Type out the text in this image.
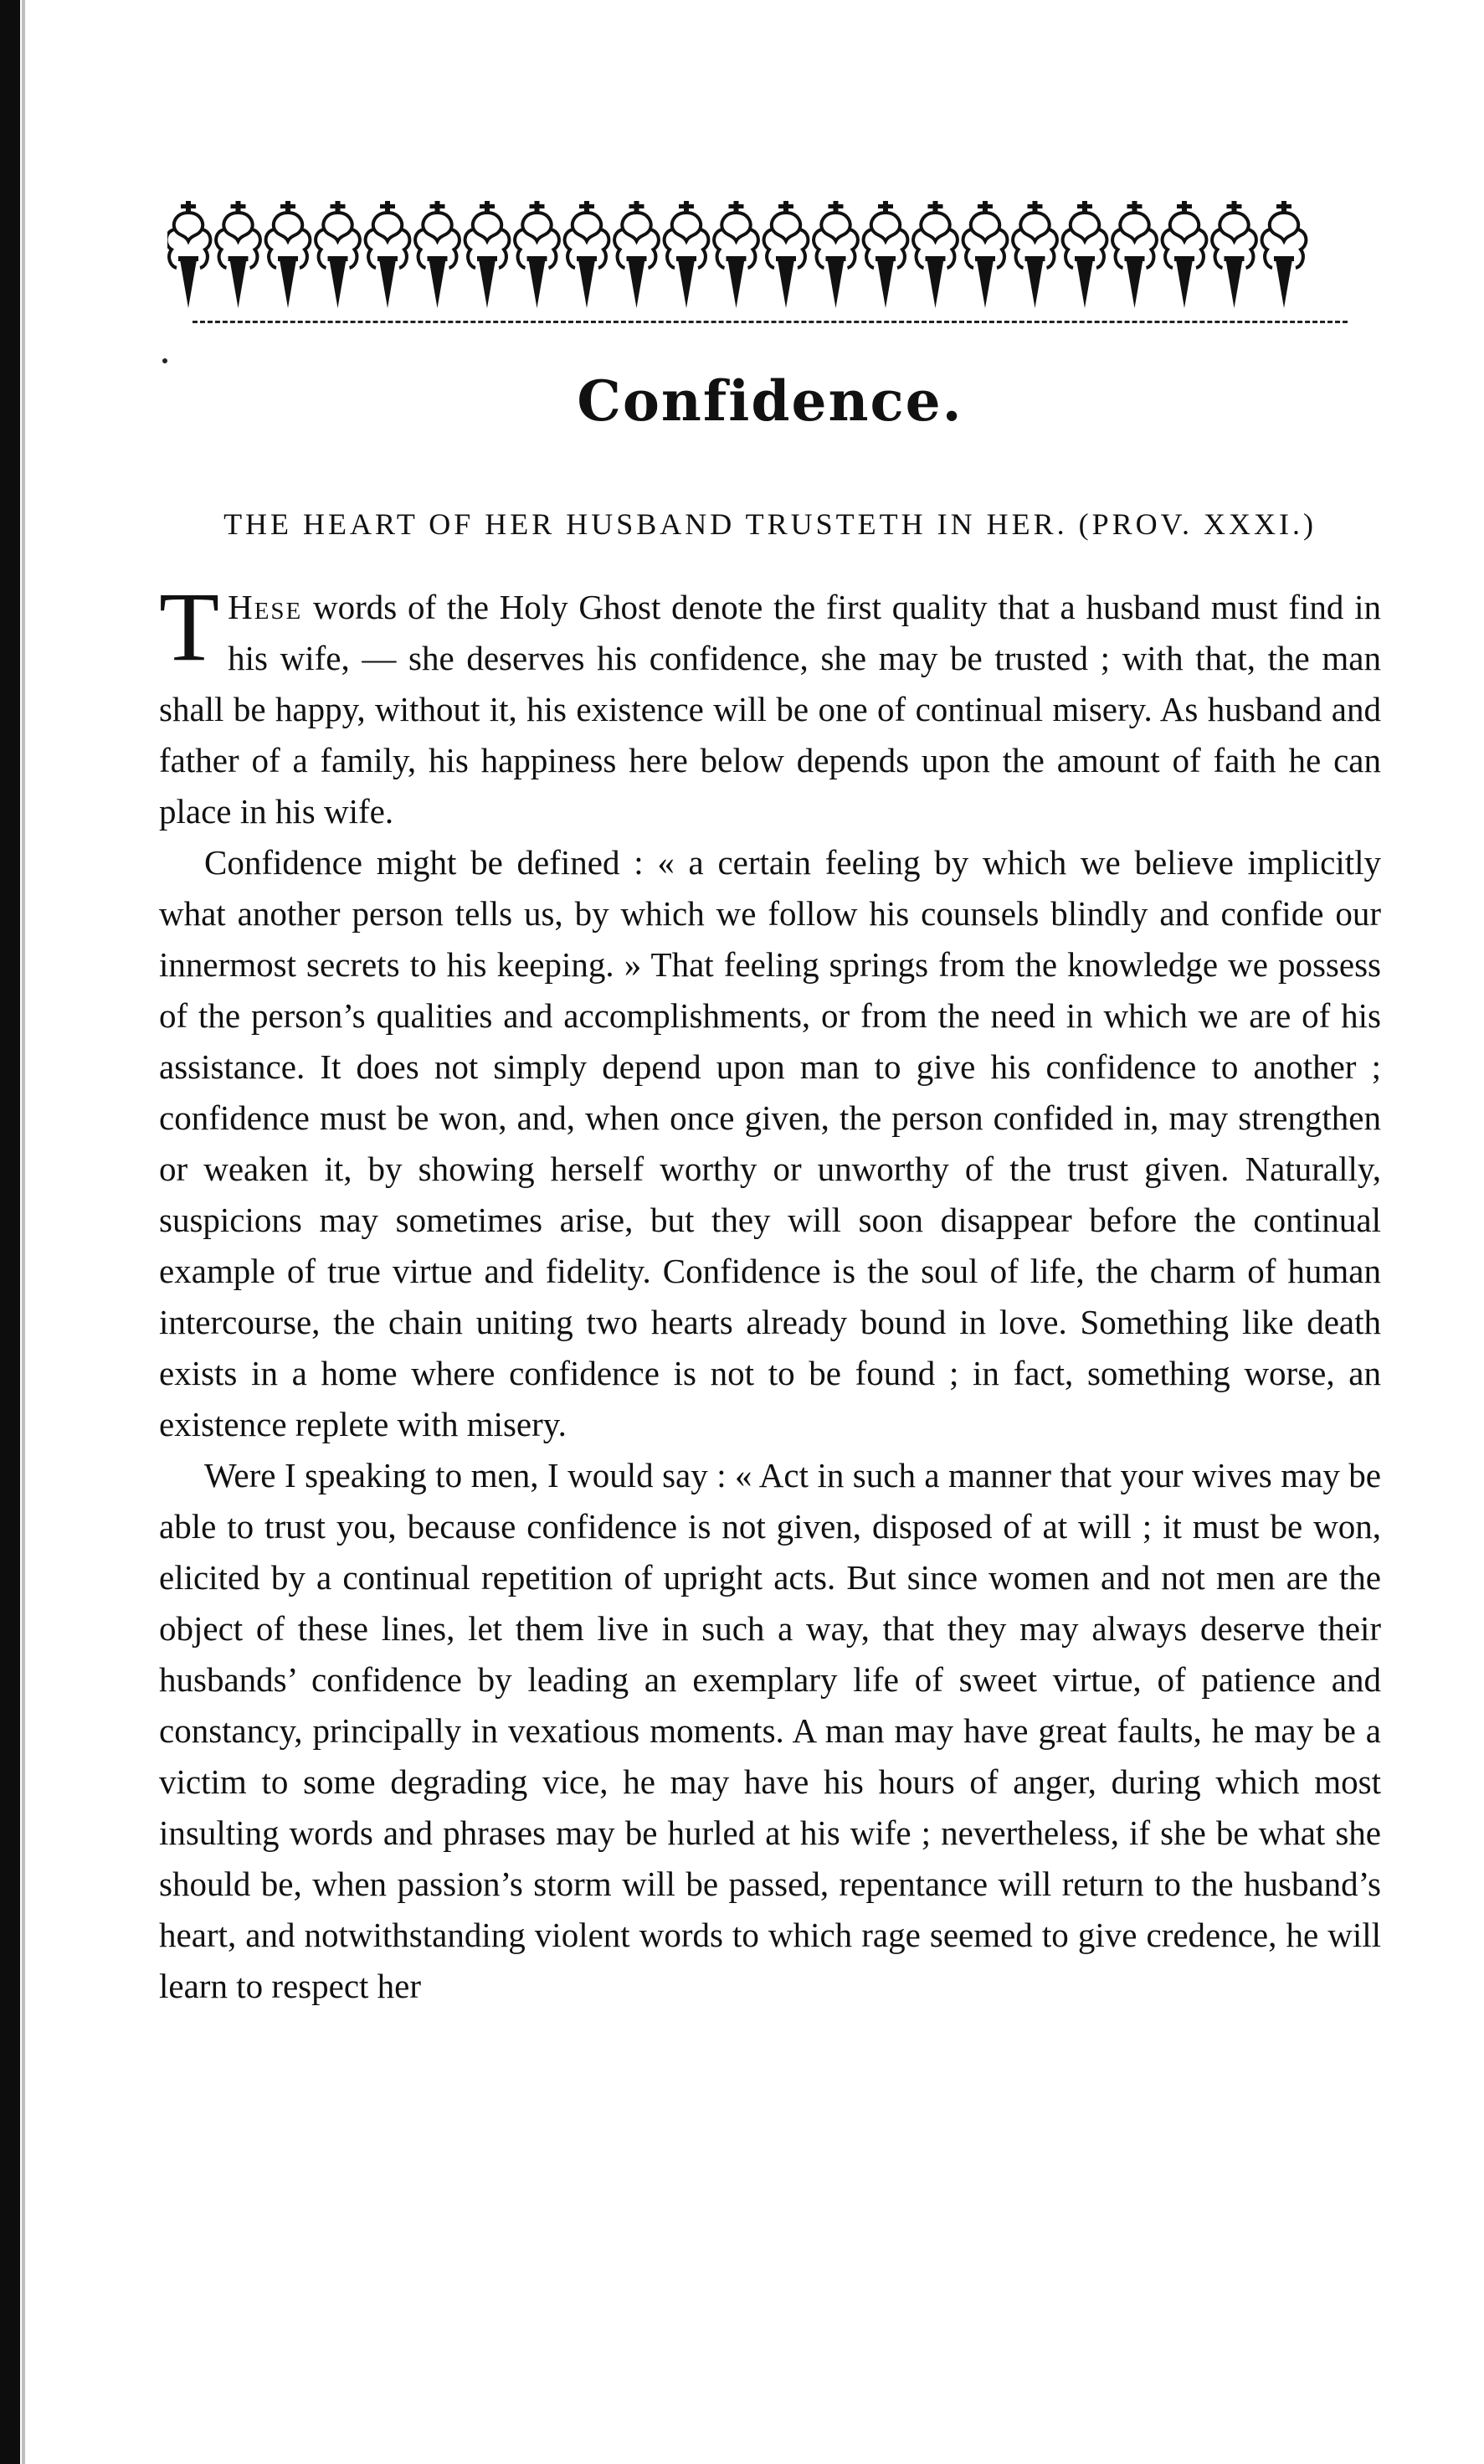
Confidence.

THE HEART OF HER HUSBAND TRUSTETH IN HER. (PROV. XXXI.)

T Hese words of the Holy Ghost denote the first quality that a husband must find in his wife, — she deserves his confidence, she may be trusted ; with that, the man shall be happy, without it, his existence will be one of continual misery. As husband and father of a family, his happiness here below depends upon the amount of faith he can place in his wife.

Confidence might be defined : « a certain feeling by which we believe implicitly what another person tells us, by which we follow his counsels blindly and confide our innermost secrets to his keeping. » That feeling springs from the knowledge we possess of the person’s qualities and accomplishments, or from the need in which we are of his assistance. It does not simply depend upon man to give his confidence to another ; confidence must be won, and, when once given, the person confided in, may strengthen or weaken it, by showing herself worthy or unworthy of the trust given. Naturally, suspicions may sometimes arise, but they will soon disappear before the continual example of true virtue and fidelity. Confidence is the soul of life, the charm of human intercourse, the chain uniting two hearts already bound in love. Something like death exists in a home where confidence is not to be found ; in fact, something worse, an existence replete with misery.

Were I speaking to men, I would say : « Act in such a manner that your wives may be able to trust you, because confidence is not given, disposed of at will ; it must be won, elicited by a continual repetition of upright acts. But since women and not men are the object of these lines, let them live in such a way, that they may always deserve their husbands’ confidence by leading an exemplary life of sweet virtue, of patience and constancy, principally in vexatious moments. A man may have great faults, he may be a victim to some degrading vice, he may have his hours of anger, during which most insulting words and phrases may be hurled at his wife ; nevertheless, if she be what she should be, when passion’s storm will be passed, repentance will return to the husband’s heart, and notwithstanding violent words to which rage seemed to give credence, he will learn to respect her
